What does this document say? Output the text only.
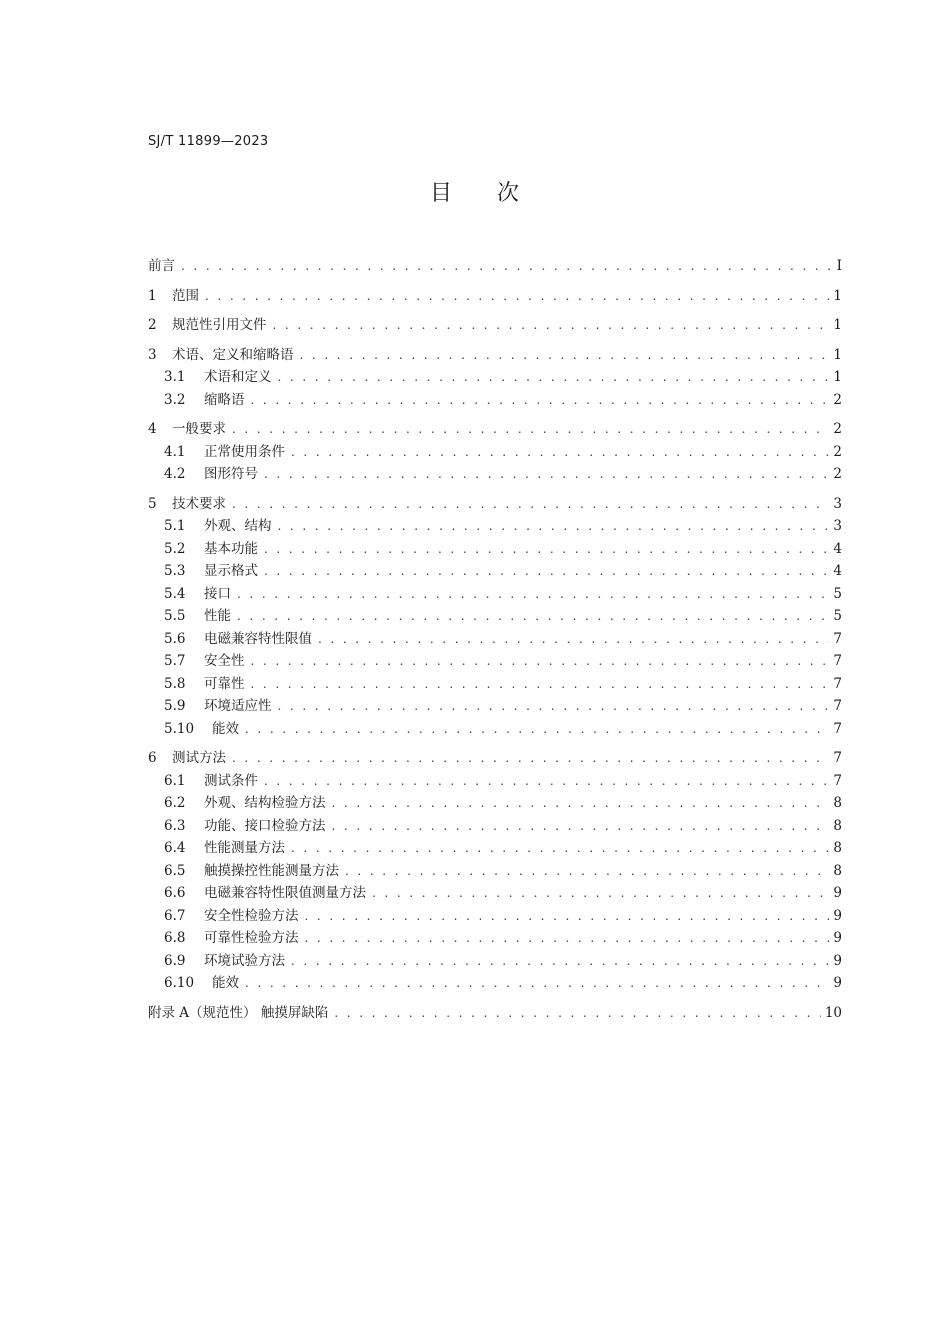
SJ/T 11899—2023
目 次
前言 . . .	I
1	范围 . . .	1
2	规范性引用文件 . . .	1
3	术语、定义和缩略语 . . .	1
3.1	术语和定义 . . .	1
3.2	缩略语 . . .	2
4	一般要求 . . .	2
4.1	正常使用条件 . . .	2
4.2	图形符号 . . .	2
5	技术要求 . . .	3
5.1	外观、结构 . . .	3
5.2	基本功能 . . .	4
5.3	显示格式 . . .	4
5.4	接口 . . .	5
5.5	性能 . . .	5
5.6	电磁兼容特性限值 . . .	7
5.7	安全性 . . .	7
5.8	可靠性 . . .	7
5.9	环境适应性 . . .	7
5.10	能效 . . .	7
6	测试方法 . . .	7
6.1	测试条件 . . .	7
6.2	外观、结构检验方法 . . .	8
6.3	功能、接口检验方法 . . .	8
6.4	性能测量方法 . . .	8
6.5	触摸操控性能测量方法 . . .	8
6.6	电磁兼容特性限值测量方法 . . .	9
6.7	安全性检验方法 . . .	9
6.8	可靠性检验方法 . . .	9
6.9	环境试验方法 . . .	9
6.10	能效 . . .	9
附录 A（规范性） 触摸屏缺陷 . . .	10
